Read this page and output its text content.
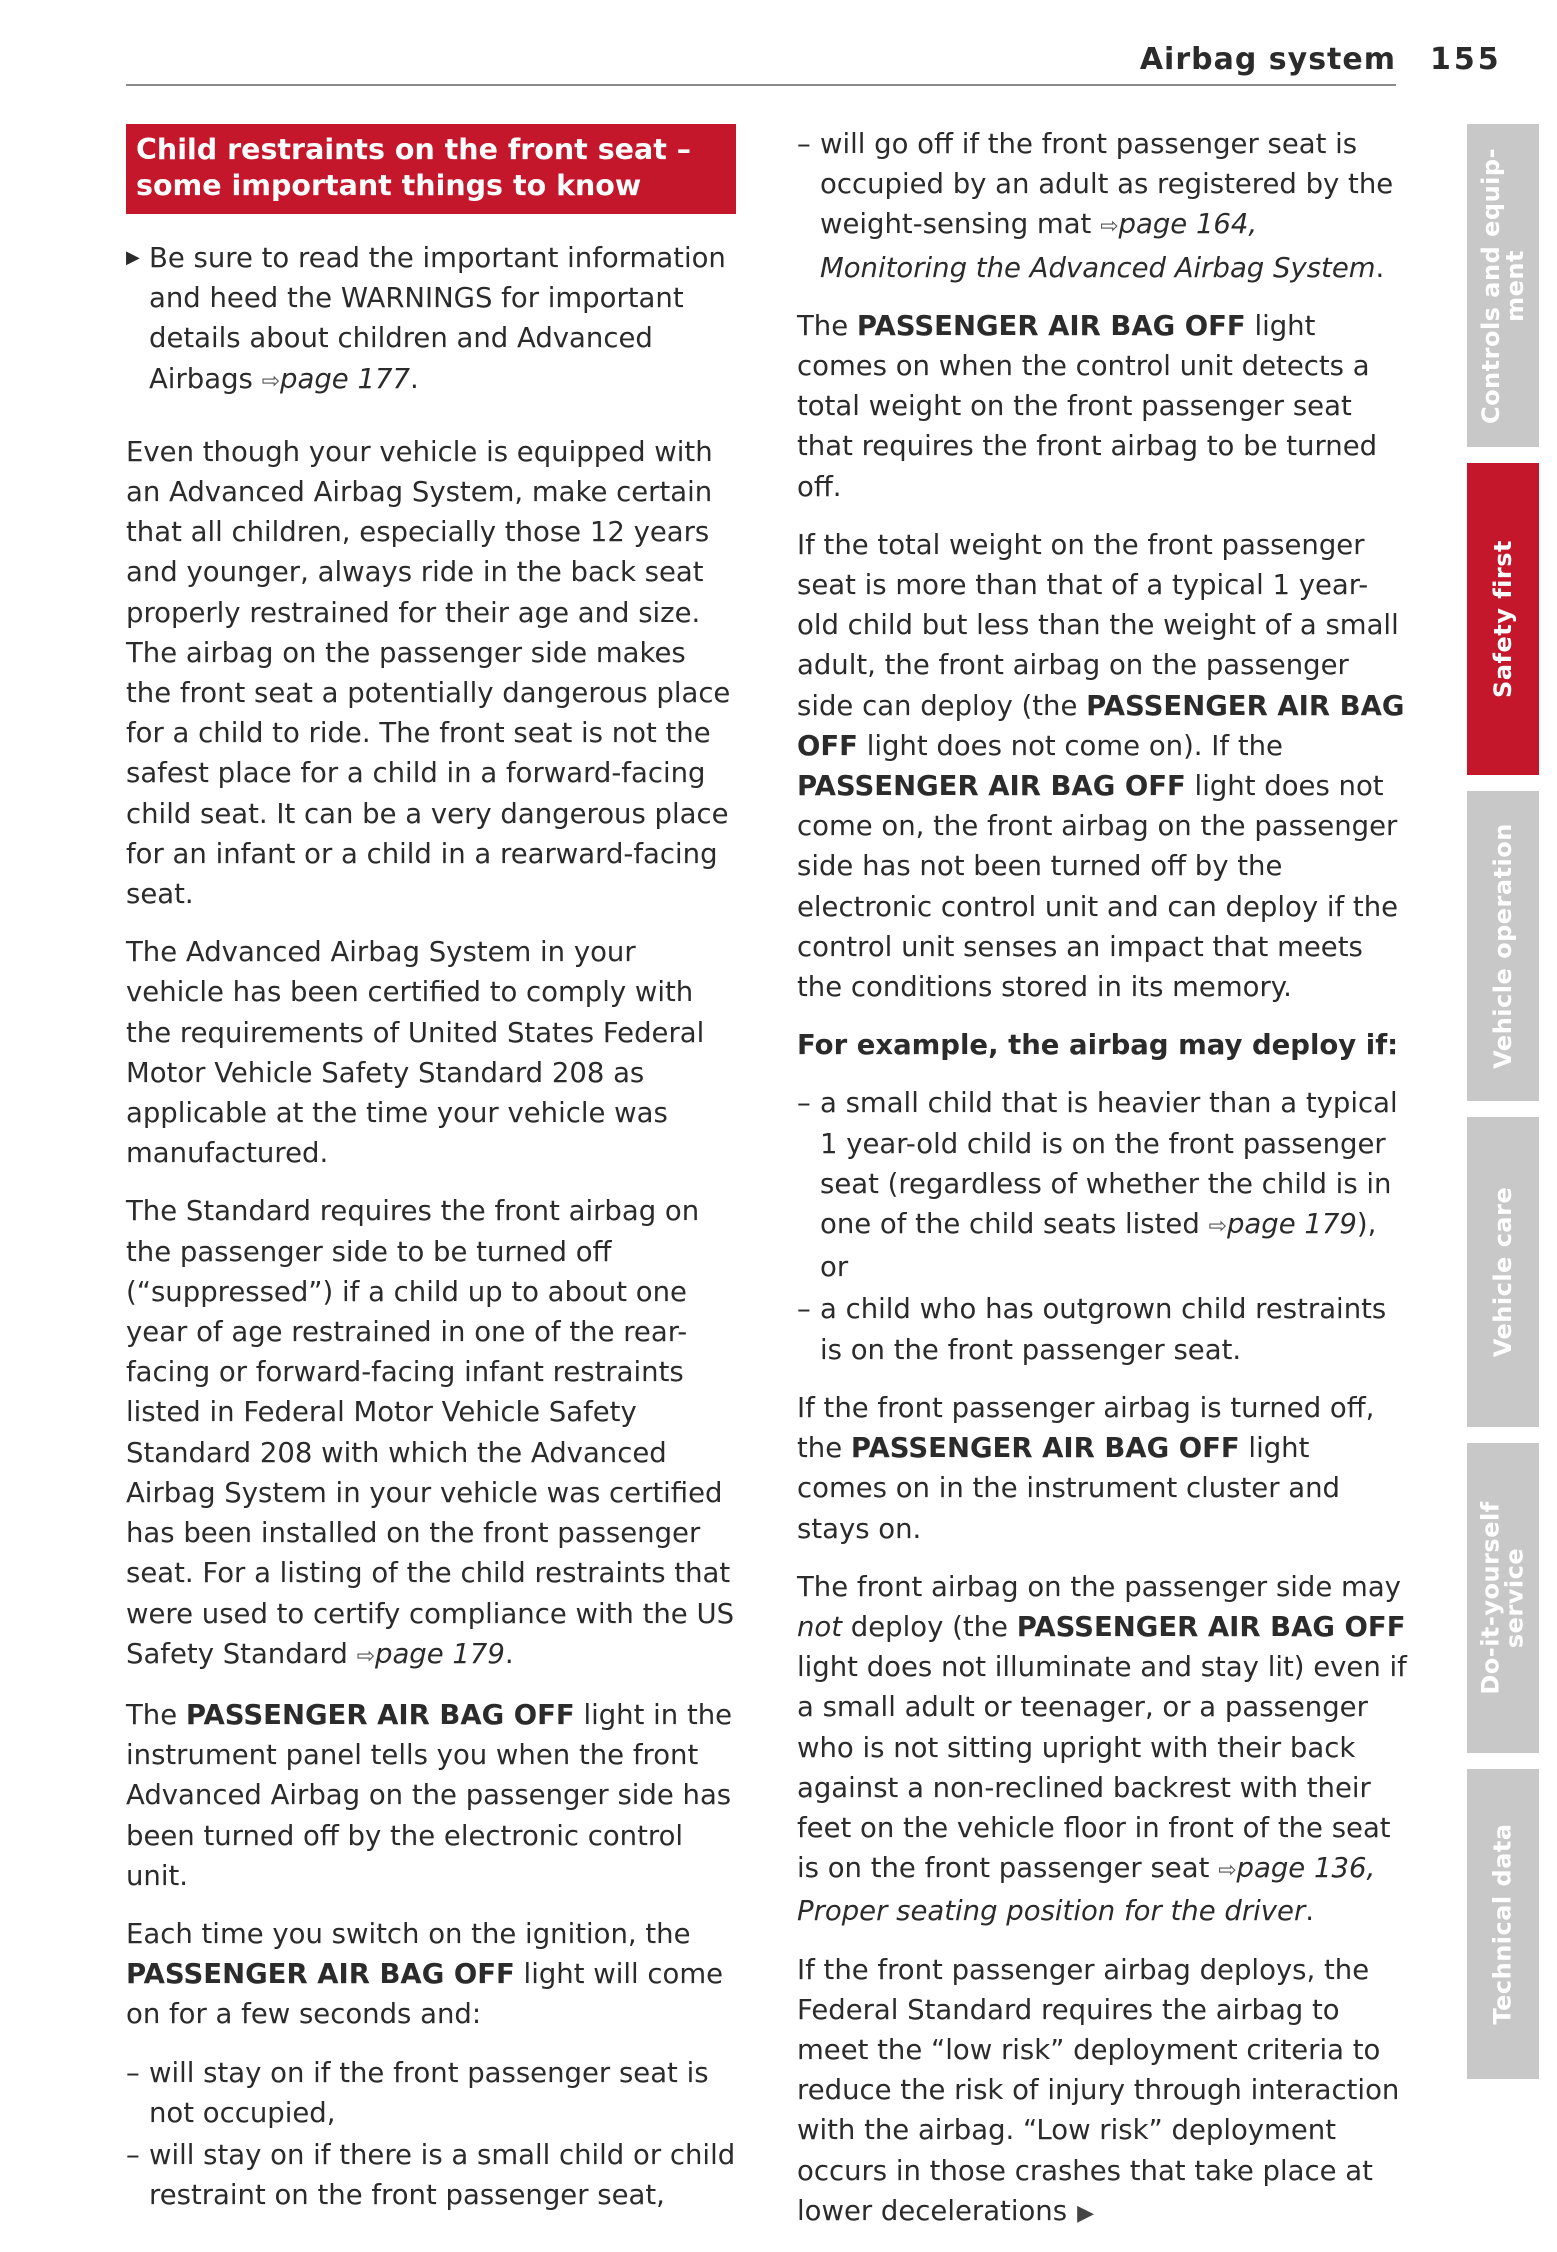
Airbag system 155
Child restraints on the front seat – some important things to know
▶ Be sure to read the important information and heed the WARNINGS for important details about children and Advanced Airbags ⇨page 177.

Even though your vehicle is equipped with an Advanced Airbag System, make certain that all children, especially those 12 years and younger, always ride in the back seat properly restrained for their age and size. The airbag on the passenger side makes the front seat a potentially dangerous place for a child to ride. The front seat is not the safest place for a child in a forward-facing child seat. It can be a very dangerous place for an infant or a child in a rearward-facing seat.

The Advanced Airbag System in your vehicle has been certified to comply with the requirements of United States Federal Motor Vehicle Safety Standard 208 as applicable at the time your vehicle was manufactured.

The Standard requires the front airbag on the passenger side to be turned off (“suppressed”) if a child up to about one year of age restrained in one of the rear-facing or forward-facing infant restraints listed in Federal Motor Vehicle Safety Standard 208 with which the Advanced Airbag System in your vehicle was certified has been installed on the front passenger seat. For a listing of the child restraints that were used to certify compliance with the US Safety Standard ⇨page 179.

The PASSENGER AIR BAG OFF light in the instrument panel tells you when the front Advanced Airbag on the passenger side has been turned off by the electronic control unit.

Each time you switch on the ignition, the PASSENGER AIR BAG OFF light will come on for a few seconds and:

– will stay on if the front passenger seat is not occupied,
– will stay on if there is a small child or child restraint on the front passenger seat,
– will go off if the front passenger seat is occupied by an adult as registered by the weight-sensing mat ⇨page 164, Monitoring the Advanced Airbag System.

The PASSENGER AIR BAG OFF light comes on when the control unit detects a total weight on the front passenger seat that requires the front airbag to be turned off.

If the total weight on the front passenger seat is more than that of a typical 1 year-old child but less than the weight of a small adult, the front airbag on the passenger side can deploy (the PASSENGER AIR BAG OFF light does not come on). If the PASSENGER AIR BAG OFF light does not come on, the front airbag on the passenger side has not been turned off by the electronic control unit and can deploy if the control unit senses an impact that meets the conditions stored in its memory.

For example, the airbag may deploy if:

– a small child that is heavier than a typical 1 year-old child is on the front passenger seat (regardless of whether the child is in one of the child seats listed ⇨page 179), or
– a child who has outgrown child restraints is on the front passenger seat.

If the front passenger airbag is turned off, the PASSENGER AIR BAG OFF light comes on in the instrument cluster and stays on.

The front airbag on the passenger side may not deploy (the PASSENGER AIR BAG OFF light does not illuminate and stay lit) even if a small adult or teenager, or a passenger who is not sitting upright with their back against a non-reclined backrest with their feet on the vehicle floor in front of the seat is on the front passenger seat ⇨page 136, Proper seating position for the driver.

If the front passenger airbag deploys, the Federal Standard requires the airbag to meet the “low risk” deployment criteria to reduce the risk of injury through interaction with the airbag. “Low risk” deployment occurs in those crashes that take place at lower decelerations ▶

Controls and equip-
ment
Safety first
Vehicle operation
Vehicle care
Do-it-yourself
service
Technical data
